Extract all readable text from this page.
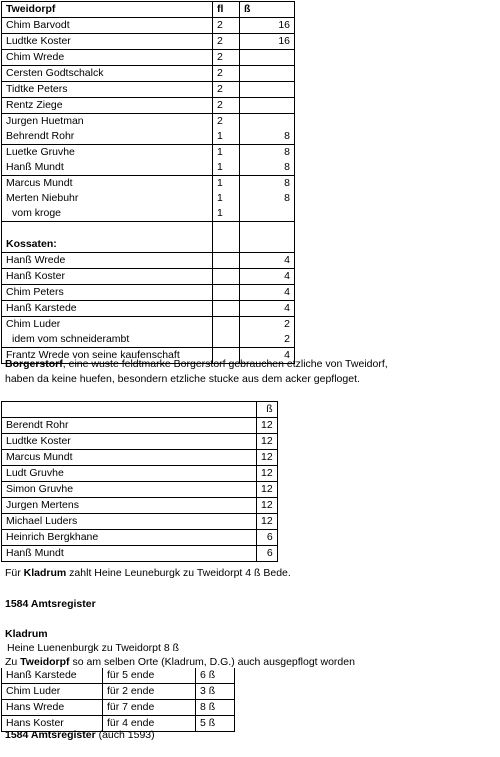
Tweidorpf	fl	ß
Chim Barvodt	2	16
Ludtke Koster	2	16
Chim Wrede	2	
Cersten Godtschalck	2	
Tidtke Peters	2	
Rentz Ziege	2	
Jurgen Huetman	2	
Behrendt Rohr	1	8
Luetke Gruvhe	1	8
Hanß Mundt	1	8
Marcus Mundt	1	8
Merten Niebuhr	1	8
vom kroge	1	

Kossaten:		
Hanß Wrede		4
Hanß Koster		4
Chim Peters		4
Hanß Karstede		4
Chim Luder		2
idem vom schneiderambt		2
Frantz Wrede von seine kaufenschaft		4
Borgerstorf, eine wuste feldtmarke Borgerstorf gebrauchen etzliche von Tweidorf,
haben da keine huefen, besondern etzliche stucke aus dem acker gepfloget.
	ß
Berendt Rohr	12
Ludtke Koster	12
Marcus Mundt	12
Ludt Gruvhe	12
Simon Gruvhe	12
Jurgen Mertens	12
Michael Luders	12
Heinrich Bergkhane	6
Hanß Mundt	6
Für Kladrum zahlt Heine Leuneburgk zu Tweidorpt 4 ß Bede.
1584 Amtsregister
Kladrum
Heine Luenenburgk zu Tweidorpt 8 ß
Zu Tweidorpf so am selben Orte (Kladrum, D.G.) auch ausgepflogt worden
Hanß Karstede	für 5 ende	6 ß
Chim Luder	für 2 ende	3 ß
Hans Wrede	für 7 ende	8 ß
Hans Koster	für 4 ende	5 ß
1584 Amtsregister (auch 1593)
